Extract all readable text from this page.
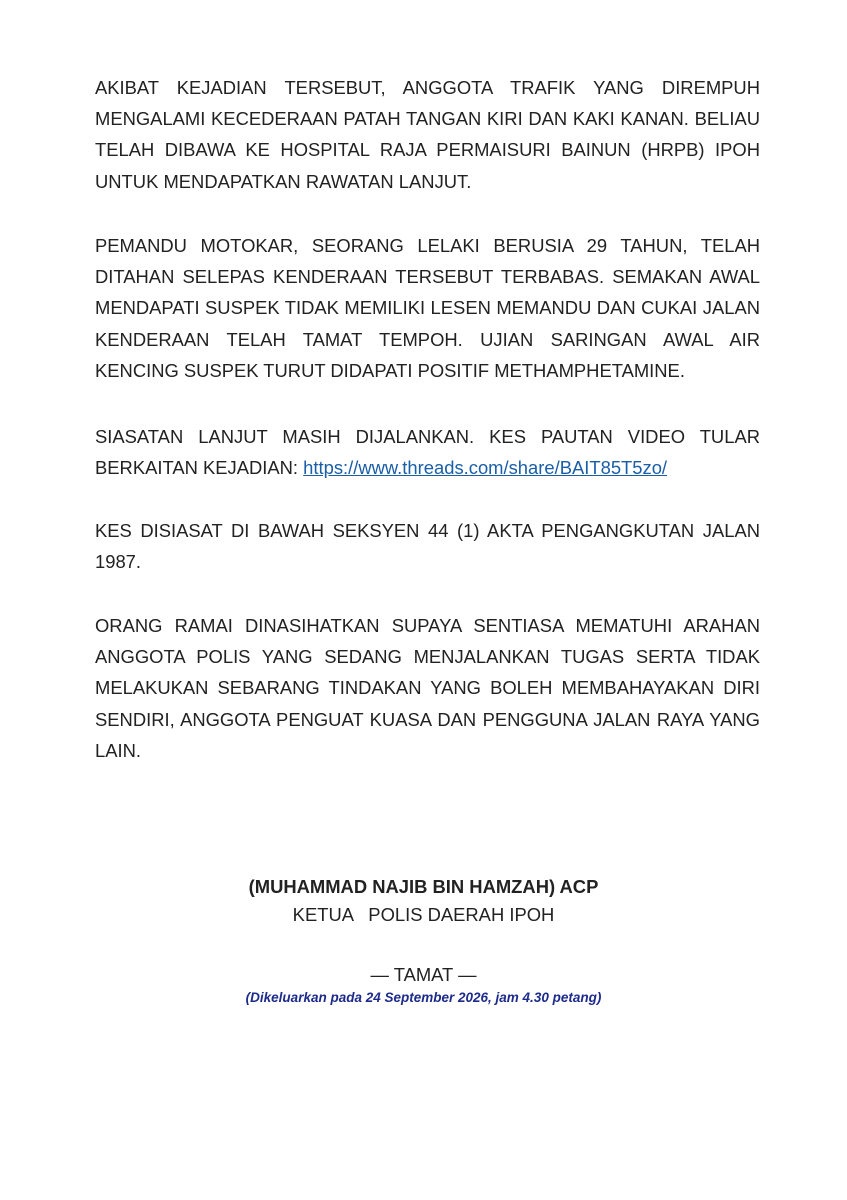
AKIBAT KEJADIAN TERSEBUT, ANGGOTA TRAFIK YANG DIREMPUH MENGALAMI KECEDERAAN PATAH TANGAN KIRI DAN KAKI KANAN. BELIAU TELAH DIBAWA KE HOSPITAL RAJA PERMAISURI BAINUN (HRPB) IPOH UNTUK MENDAPATKAN RAWATAN LANJUT.

PEMANDU MOTOKAR, SEORANG LELAKI BERUSIA 29 TAHUN, TELAH DITAHAN SELEPAS KENDERAAN TERSEBUT TERBABAS. SEMAKAN AWAL MENDAPATI SUSPEK TIDAK MEMILIKI LESEN MEMANDU DAN CUKAI JALAN KENDERAAN TELAH TAMAT TEMPOH. UJIAN SARINGAN AWAL AIR KENCING SUSPEK TURUT DIDAPATI POSITIF METHAMPHETAMINE.

SIASATAN LANJUT MASIH DIJALANKAN. KES PAUTAN VIDEO TULAR BERKAITAN KEJADIAN: https://www.threads.com/share/BAIT85T5zo/

KES DISIASAT DI BAWAH SEKSYEN 44 (1) AKTA PENGANGKUTAN JALAN 1987.

ORANG RAMAI DINASIHATKAN SUPAYA SENTIASA MEMATUHI ARAHAN ANGGOTA POLIS YANG SEDANG MENJALANKAN TUGAS SERTA TIDAK MELAKUKAN SEBARANG TINDAKAN YANG BOLEH MEMBAHAYAKAN DIRI SENDIRI, ANGGOTA PENGUAT KUASA DAN PENGGUNA JALAN RAYA YANG LAIN.

(MUHAMMAD NAJIB BIN HAMZAH) ACP

KETUA   POLIS DAERAH IPOH

— TAMAT —

(Dikeluarkan pada 24 September 2026, jam 4.30 petang)
